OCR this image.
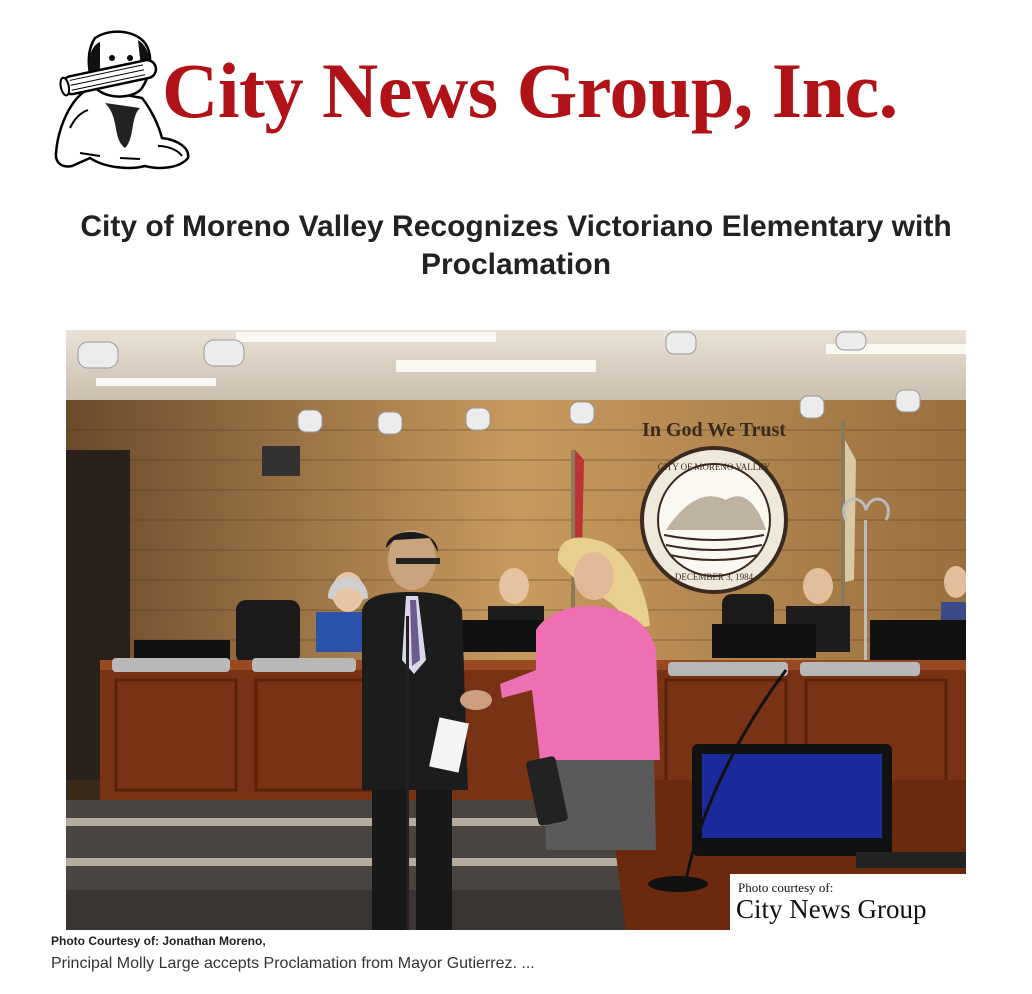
City News Group, Inc.
City of Moreno Valley Recognizes Victoriano Elementary with Proclamation
CITY OF MORENO VALLEY
DECEMBER 3, 1984
In God We Trust
Photo courtesy of:
City News Group
Photo Courtesy of: Jonathan Moreno,
Principal Molly Large accepts Proclamation from Mayor Gutierrez. ...
